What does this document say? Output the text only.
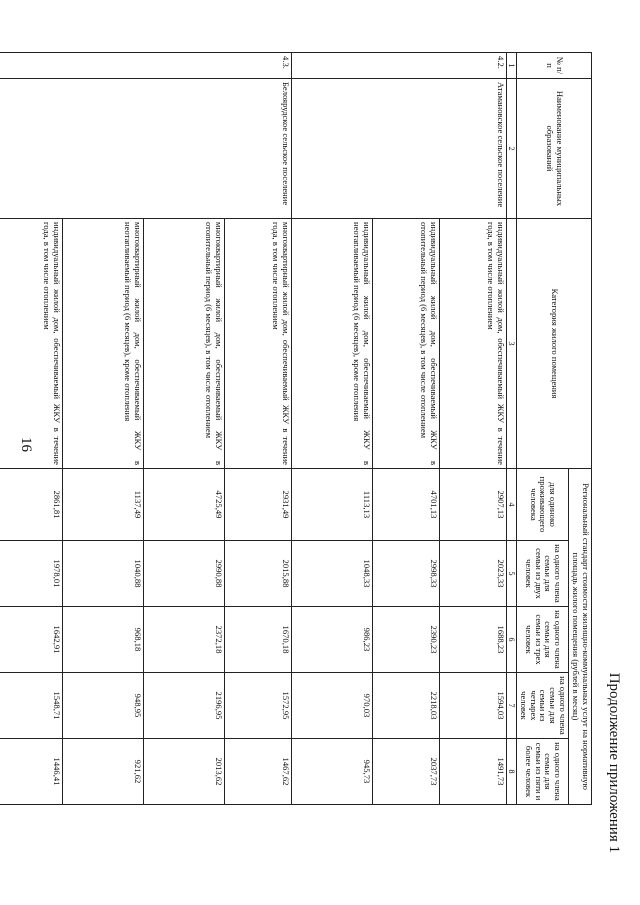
16
Продолжение приложения 1
№ п/п	Наименование муниципальных образований	Категория жилого помещения	Региональный стандарт стоимости жилищно-коммунальных услуг на нормативную площадь жилого помещения (рублей в месяц)				
			для одиноко проживающего человека	на одного члена семьи для семьи из двух человек	на одного члена семьи для семьи из трех человек	на одного члена семьи для семьи из четырех человек	на одного члена семьи для семьи из пяти и более человек
1	2	3	4	5	6	7	8
4.2.	Атамановское сельское поселение	индивидуальный жилой дом, обеспечиваемый ЖКУ в течение года, в том числе отоплением	2907,13	2023,33	1688,23	1594,03	1491,73
		индивидуальный жилой дом, обеспечиваемый ЖКУ в отопительный период (6 месяцев), в том числе отоплением	4701,13	2998,33	2390,23	2218,03	2037,73
		индивидуальный жилой дом, обеспечиваемый ЖКУ в неотапливаемый период (6 месяцев), кроме отопления	1113,13	1048,33	986,23	970,03	945,73
4.3.	Белоярудское сельское поселение	многоквартирный жилой дом, обеспечиваемый ЖКУ в течение года, в том числе отоплением	2931,49	2015,88	1670,18	1572,95	1467,62
		многоквартирный жилой дом, обеспечиваемый ЖКУ в отопительный период (6 месяцев), в том числе отоплением	4725,49	2990,88	2372,18	2196,95	2013,62
		многоквартирный жилой дом, обеспечиваемый ЖКУ в неотапливаемый период (6 месяцев), кроме отопления	1137,49	1040,88	968,18	948,95	921,62
		индивидуальный жилой дом, обеспечиваемый ЖКУ в течение года, в том числе отоплением	2861,81	1978,01	1642,91	1548,71	1446,41
